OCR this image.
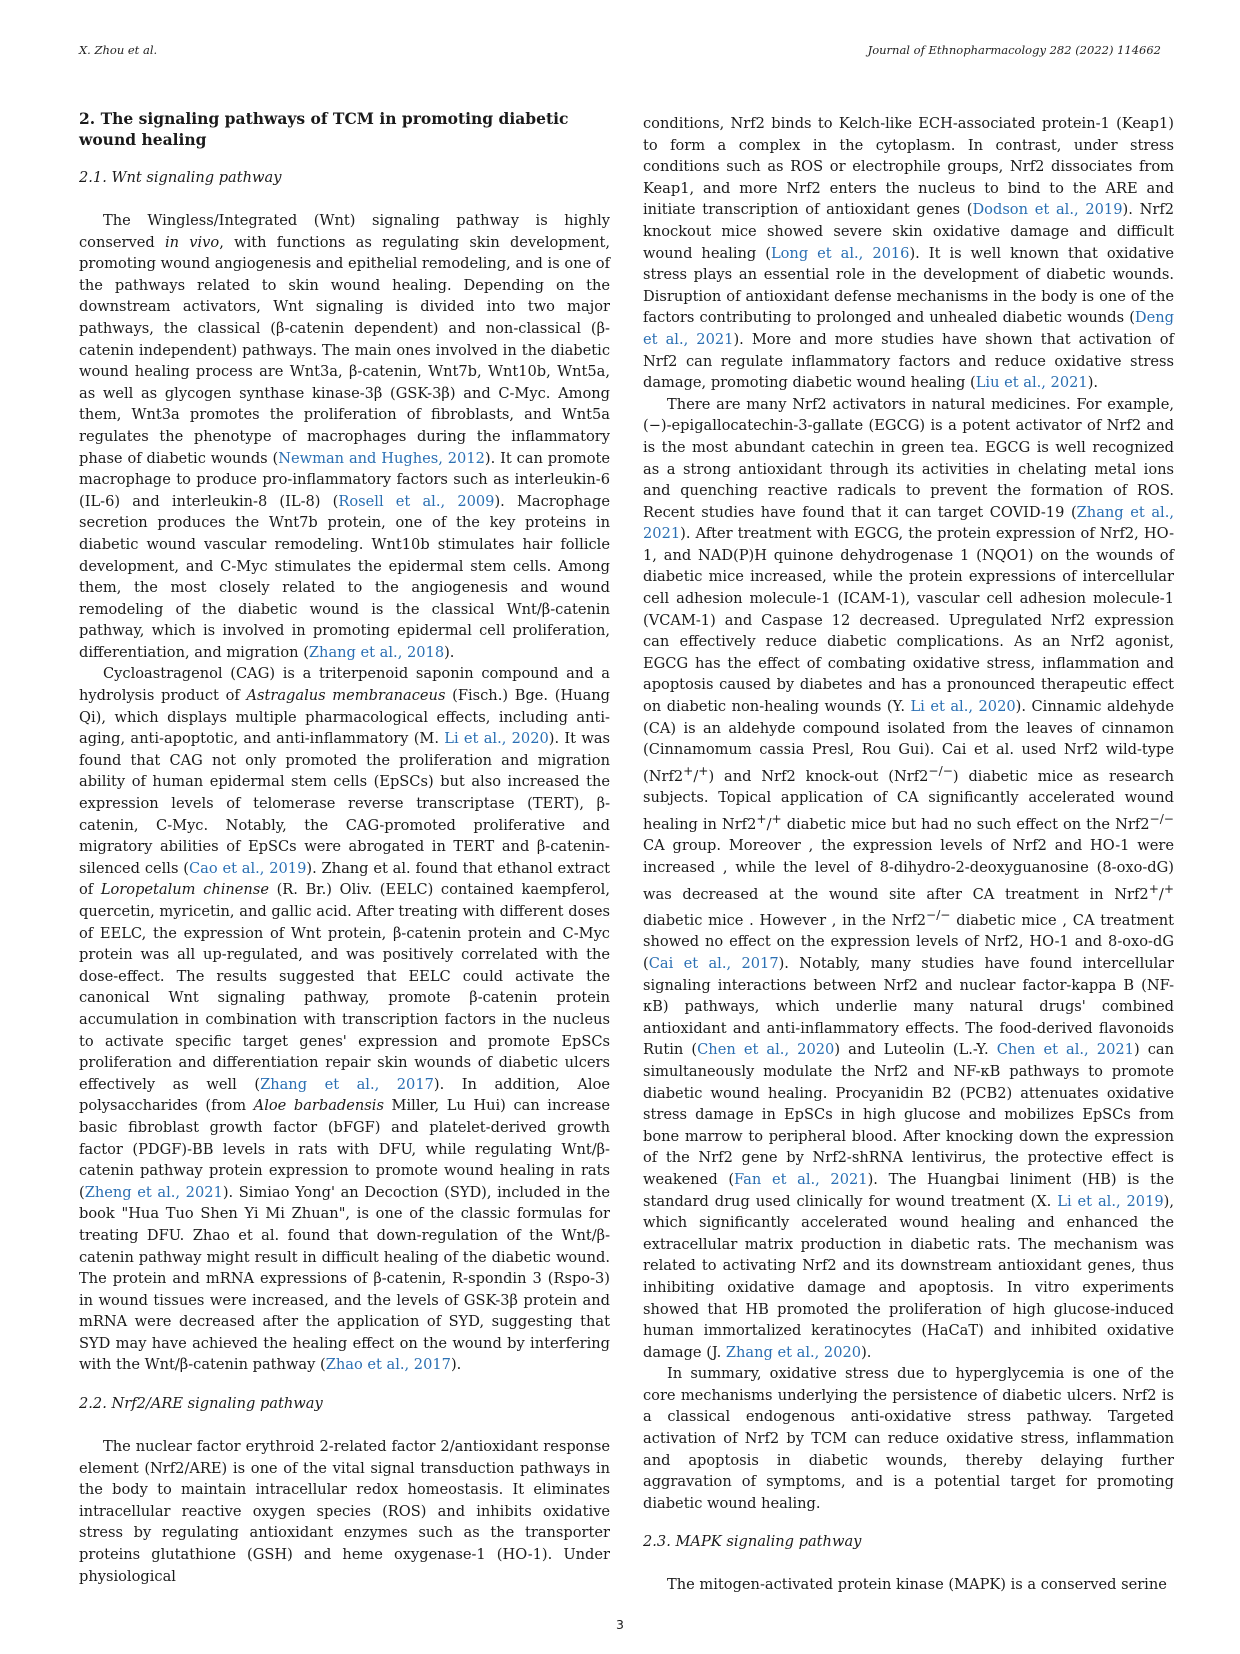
X. Zhou et al.	Journal of Ethnopharmacology 282 (2022) 114662
2. The signaling pathways of TCM in promoting diabetic wound healing
2.1. Wnt signaling pathway

The Wingless/Integrated (Wnt) signaling pathway is highly conserved in vivo, with functions as regulating skin development, promoting wound angiogenesis and epithelial remodeling, and is one of the pathways related to skin wound healing. Depending on the downstream activators, Wnt signaling is divided into two major pathways, the classical (β-catenin dependent) and non-classical (β-catenin independent) pathways. The main ones involved in the diabetic wound healing process are Wnt3a, β-catenin, Wnt7b, Wnt10b, Wnt5a, as well as glycogen synthase kinase-3β (GSK-3β) and C-Myc. Among them, Wnt3a promotes the proliferation of fibroblasts, and Wnt5a regulates the phenotype of macrophages during the inflammatory phase of diabetic wounds (Newman and Hughes, 2012). It can promote macrophage to produce pro-inflammatory factors such as interleukin-6 (IL-6) and interleukin-8 (IL-8) (Rosell et al., 2009). Macrophage secretion produces the Wnt7b protein, one of the key proteins in diabetic wound vascular remodeling. Wnt10b stimulates hair follicle development, and C-Myc stimulates the epidermal stem cells. Among them, the most closely related to the angiogenesis and wound remodeling of the diabetic wound is the classical Wnt/β-catenin pathway, which is involved in promoting epidermal cell proliferation, differentiation, and migration (Zhang et al., 2018).

Cycloastragenol (CAG) is a triterpenoid saponin compound and a hydrolysis product of Astragalus membranaceus (Fisch.) Bge. (Huang Qi), which displays multiple pharmacological effects, including anti-aging, anti-apoptotic, and anti-inflammatory (M. Li et al., 2020). It was found that CAG not only promoted the proliferation and migration ability of human epidermal stem cells (EpSCs) but also increased the expression levels of telomerase reverse transcriptase (TERT), β-catenin, C-Myc. Notably, the CAG-promoted proliferative and migratory abilities of EpSCs were abrogated in TERT and β-catenin-silenced cells (Cao et al., 2019). Zhang et al. found that ethanol extract of Loropetalum chinense (R. Br.) Oliv. (EELC) contained kaempferol, quercetin, myricetin, and gallic acid. After treating with different doses of EELC, the expression of Wnt protein, β-catenin protein and C-Myc protein was all up-regulated, and was positively correlated with the dose-effect. The results suggested that EELC could activate the canonical Wnt signaling pathway, promote β-catenin protein accumulation in combination with transcription factors in the nucleus to activate specific target genes' expression and promote EpSCs proliferation and differentiation repair skin wounds of diabetic ulcers effectively as well (Zhang et al., 2017). In addition, Aloe polysaccharides (from Aloe barbadensis Miller, Lu Hui) can increase basic fibroblast growth factor (bFGF) and platelet-derived growth factor (PDGF)-BB levels in rats with DFU, while regulating Wnt/β-catenin pathway protein expression to promote wound healing in rats (Zheng et al., 2021). Simiao Yong' an Decoction (SYD), included in the book "Hua Tuo Shen Yi Mi Zhuan", is one of the classic formulas for treating DFU. Zhao et al. found that down-regulation of the Wnt/β-catenin pathway might result in difficult healing of the diabetic wound. The protein and mRNA expressions of β-catenin, R-spondin 3 (Rspo-3) in wound tissues were increased, and the levels of GSK-3β protein and mRNA were decreased after the application of SYD, suggesting that SYD may have achieved the healing effect on the wound by interfering with the Wnt/β-catenin pathway (Zhao et al., 2017).

2.2. Nrf2/ARE signaling pathway

The nuclear factor erythroid 2-related factor 2/antioxidant response element (Nrf2/ARE) is one of the vital signal transduction pathways in the body to maintain intracellular redox homeostasis. It eliminates intracellular reactive oxygen species (ROS) and inhibits oxidative stress by regulating antioxidant enzymes such as the transporter proteins glutathione (GSH) and heme oxygenase-1 (HO-1). Under physiological

conditions, Nrf2 binds to Kelch-like ECH-associated protein-1 (Keap1) to form a complex in the cytoplasm. In contrast, under stress conditions such as ROS or electrophile groups, Nrf2 dissociates from Keap1, and more Nrf2 enters the nucleus to bind to the ARE and initiate transcription of antioxidant genes (Dodson et al., 2019). Nrf2 knockout mice showed severe skin oxidative damage and difficult wound healing (Long et al., 2016). It is well known that oxidative stress plays an essential role in the development of diabetic wounds. Disruption of antioxidant defense mechanisms in the body is one of the factors contributing to prolonged and unhealed diabetic wounds (Deng et al., 2021). More and more studies have shown that activation of Nrf2 can regulate inflammatory factors and reduce oxidative stress damage, promoting diabetic wound healing (Liu et al., 2021).

There are many Nrf2 activators in natural medicines. For example, (−)-epigallocatechin-3-gallate (EGCG) is a potent activator of Nrf2 and is the most abundant catechin in green tea. EGCG is well recognized as a strong antioxidant through its activities in chelating metal ions and quenching reactive radicals to prevent the formation of ROS. Recent studies have found that it can target COVID-19 (Zhang et al., 2021). After treatment with EGCG, the protein expression of Nrf2, HO-1, and NAD(P)H quinone dehydrogenase 1 (NQO1) on the wounds of diabetic mice increased, while the protein expressions of intercellular cell adhesion molecule-1 (ICAM-1), vascular cell adhesion molecule-1 (VCAM-1) and Caspase 12 decreased. Upregulated Nrf2 expression can effectively reduce diabetic complications. As an Nrf2 agonist, EGCG has the effect of combating oxidative stress, inflammation and apoptosis caused by diabetes and has a pronounced therapeutic effect on diabetic non-healing wounds (Y. Li et al., 2020). Cinnamic aldehyde (CA) is an aldehyde compound isolated from the leaves of cinnamon (Cinnamomum cassia Presl, Rou Gui). Cai et al. used Nrf2 wild-type (Nrf2+/+) and Nrf2 knock-out (Nrf2−/−) diabetic mice as research subjects. Topical application of CA significantly accelerated wound healing in Nrf2+/+ diabetic mice but had no such effect on the Nrf2−/− CA group. Moreover , the expression levels of Nrf2 and HO-1 were increased , while the level of 8-dihydro-2-deoxyguanosine (8-oxo-dG) was decreased at the wound site after CA treatment in Nrf2+/+ diabetic mice . However , in the Nrf2−/− diabetic mice , CA treatment showed no effect on the expression levels of Nrf2, HO-1 and 8-oxo-dG (Cai et al., 2017). Notably, many studies have found intercellular signaling interactions between Nrf2 and nuclear factor-kappa B (NF-κB) pathways, which underlie many natural drugs' combined antioxidant and anti-inflammatory effects. The food-derived flavonoids Rutin (Chen et al., 2020) and Luteolin (L.-Y. Chen et al., 2021) can simultaneously modulate the Nrf2 and NF-κB pathways to promote diabetic wound healing. Procyanidin B2 (PCB2) attenuates oxidative stress damage in EpSCs in high glucose and mobilizes EpSCs from bone marrow to peripheral blood. After knocking down the expression of the Nrf2 gene by Nrf2-shRNA lentivirus, the protective effect is weakened (Fan et al., 2021). The Huangbai liniment (HB) is the standard drug used clinically for wound treatment (X. Li et al., 2019), which significantly accelerated wound healing and enhanced the extracellular matrix production in diabetic rats. The mechanism was related to activating Nrf2 and its downstream antioxidant genes, thus inhibiting oxidative damage and apoptosis. In vitro experiments showed that HB promoted the proliferation of high glucose-induced human immortalized keratinocytes (HaCaT) and inhibited oxidative damage (J. Zhang et al., 2020).

In summary, oxidative stress due to hyperglycemia is one of the core mechanisms underlying the persistence of diabetic ulcers. Nrf2 is a classical endogenous anti-oxidative stress pathway. Targeted activation of Nrf2 by TCM can reduce oxidative stress, inflammation and apoptosis in diabetic wounds, thereby delaying further aggravation of symptoms, and is a potential target for promoting diabetic wound healing.

2.3. MAPK signaling pathway

The mitogen-activated protein kinase (MAPK) is a conserved serine

3
